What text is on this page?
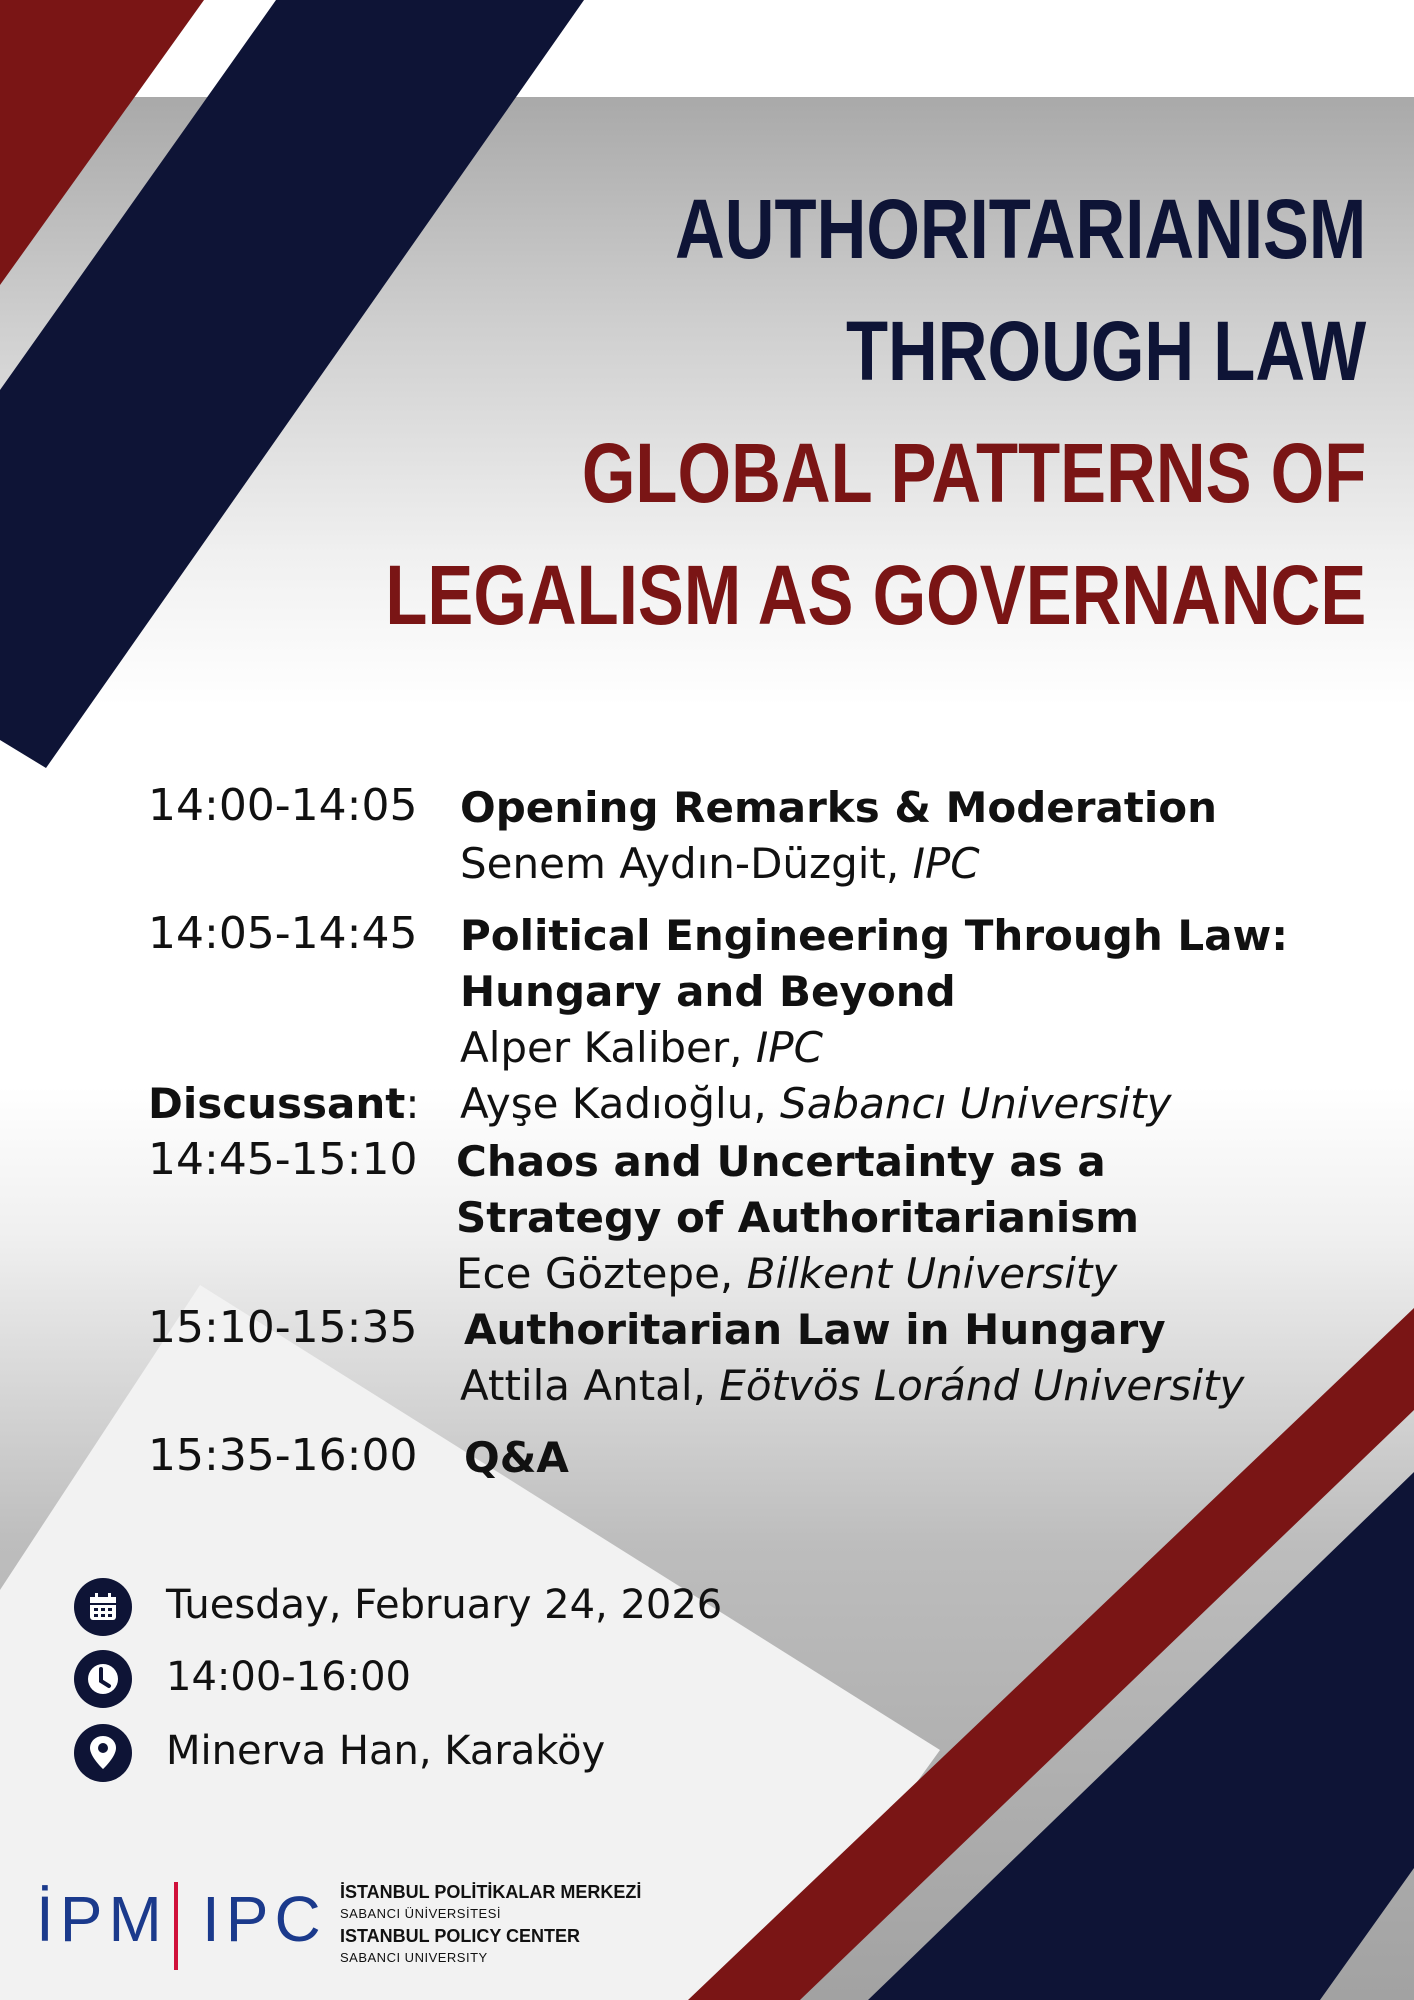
AUTHORITARIANISM
THROUGH LAW
GLOBAL PATTERNS OF
LEGALISM AS GOVERNANCE
14:00-14:05 Opening Remarks & Moderation
Senem Aydın-Düzgit, IPC
14:05-14:45 Political Engineering Through Law:
Hungary and Beyond
Alper Kaliber, IPC
Discussant: Ayşe Kadıoğlu, Sabancı University
14:45-15:10 Chaos and Uncertainty as a
Strategy of Authoritarianism
Ece Göztepe, Bilkent University
15:10-15:35 Authoritarian Law in Hungary
Attila Antal, Eötvös Loránd University
15:35-16:00 Q&A
Tuesday, February 24, 2026
14:00-16:00
Minerva Han, Karaköy
İPM IPC İSTANBUL POLİTİKALAR MERKEZİ
SABANCI ÜNİVERSİTESİ
ISTANBUL POLICY CENTER
SABANCI UNIVERSITY
